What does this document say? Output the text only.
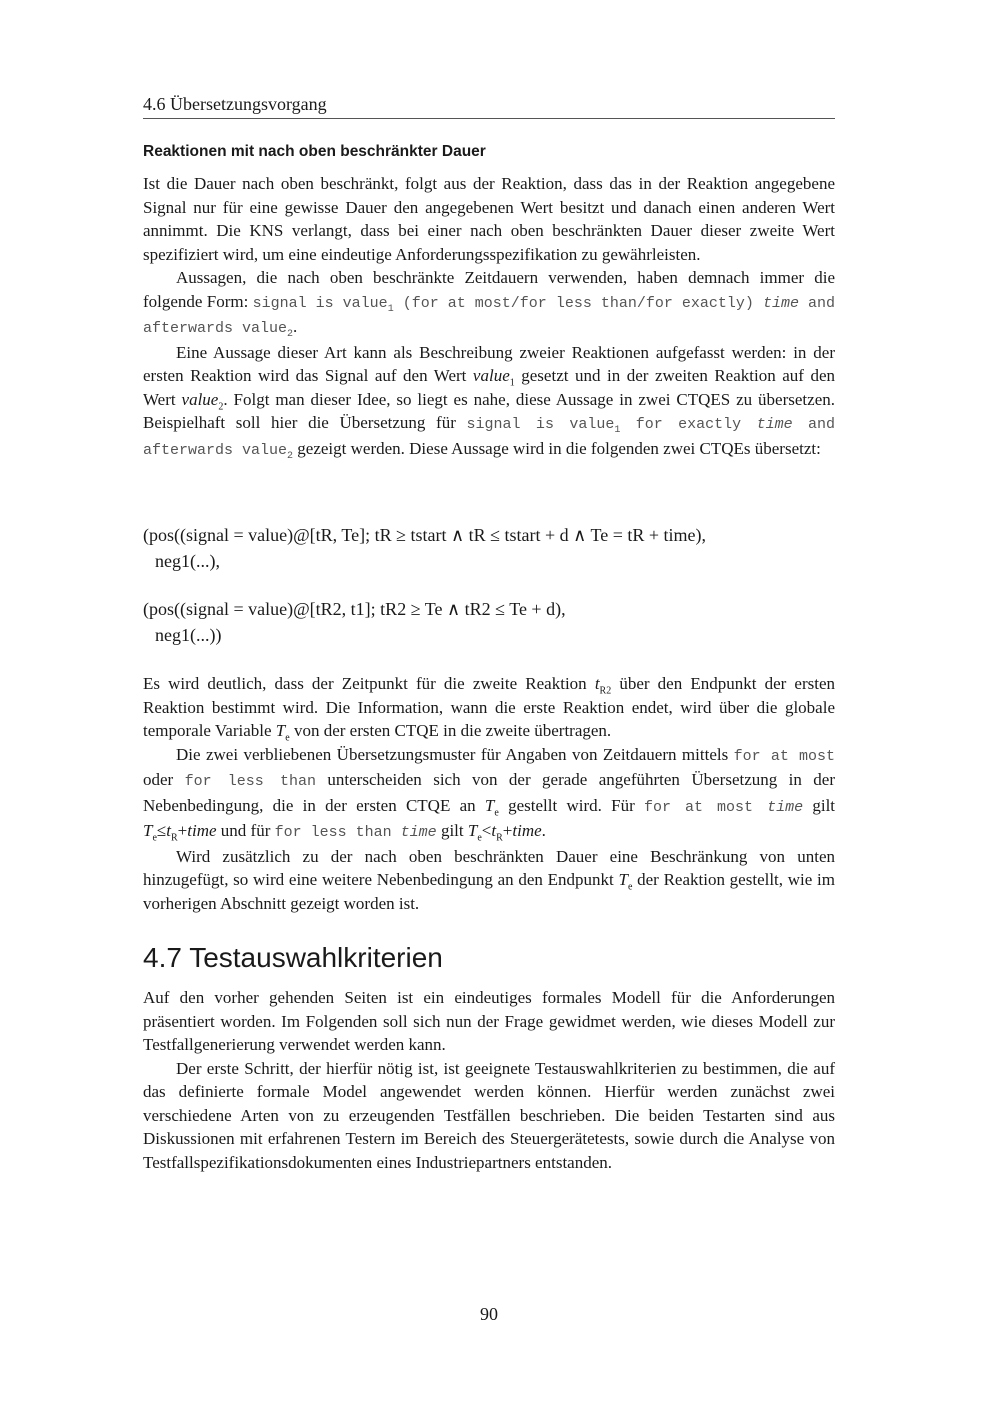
4.6 Übersetzungsvorgang
Reaktionen mit nach oben beschränkter Dauer

Ist die Dauer nach oben beschränkt, folgt aus der Reaktion, dass das in der Reaktion angegebene Signal nur für eine gewisse Dauer den angegebenen Wert besitzt und danach einen anderen Wert annimmt. Die KNS verlangt, dass bei einer nach oben beschränkten Dauer dieser zweite Wert spezifiziert wird, um eine eindeutige Anforderungsspezifikation zu gewährleisten.

Aussagen, die nach oben beschränkte Zeitdauern verwenden, haben demnach immer die folgende Form: signal is value$_1$ (for at most/for less than/for exactly) time and afterwards value$_2$.

Eine Aussage dieser Art kann als Beschreibung zweier Reaktionen aufgefasst werden: in der ersten Reaktion wird das Signal auf den Wert value$_1$ gesetzt und in der zweiten Reaktion auf den Wert value$_2$. Folgt man dieser Idee, so liegt es nahe, diese Aussage in zwei CTQES zu übersetzen. Beispielhaft soll hier die Übersetzung für signal is value$_1$ for exactly time and afterwards value$_2$ gezeigt werden. Diese Aussage wird in die folgenden zwei CTQEs übersetzt:

(pos((signal = value)@[tR, Te]; tR ≥ tstart ∧ tR ≤ tstart + d ∧ Te = tR + time),
neg1(...),
(pos((signal = value)@[tR2, t1]; tR2 ≥ Te ∧ tR2 ≤ Te + d),
neg1(...))

Es wird deutlich, dass der Zeitpunkt für die zweite Reaktion $t_{R2}$ über den Endpunkt der ersten Reaktion bestimmt wird. Die Information, wann die erste Reaktion endet, wird über die globale temporale Variable $T_e$ von der ersten CTQE in die zweite übertragen.

Die zwei verbliebenen Übersetzungsmuster für Angaben von Zeitdauern mittels for at most oder for less than unterscheiden sich von der gerade angeführten Übersetzung in der Nebenbedingung, die in der ersten CTQE an $T_e$ gestellt wird. Für for at most time gilt $T_e\le t_R+time$ und für for less than time gilt $T_e<t_R+time$.

Wird zusätzlich zu der nach oben beschränkten Dauer eine Beschränkung von unten hinzugefügt, so wird eine weitere Nebenbedingung an den Endpunkt $T_e$ der Reaktion gestellt, wie im vorherigen Abschnitt gezeigt worden ist.

4.7 Testauswahlkriterien

Auf den vorher gehenden Seiten ist ein eindeutiges formales Modell für die Anforderungen präsentiert worden. Im Folgenden soll sich nun der Frage gewidmet werden, wie dieses Modell zur Testfallgenerierung verwendet werden kann.

Der erste Schritt, der hierfür nötig ist, ist geeignete Testauswahlkriterien zu bestimmen, die auf das definierte formale Model angewendet werden können. Hierfür werden zunächst zwei verschiedene Arten von zu erzeugenden Testfällen beschrieben. Die beiden Testarten sind aus Diskussionen mit erfahrenen Testern im Bereich des Steuergerätetests, sowie durch die Analyse von Testfallspezifikationsdokumenten eines Industriepartners entstanden.

90
